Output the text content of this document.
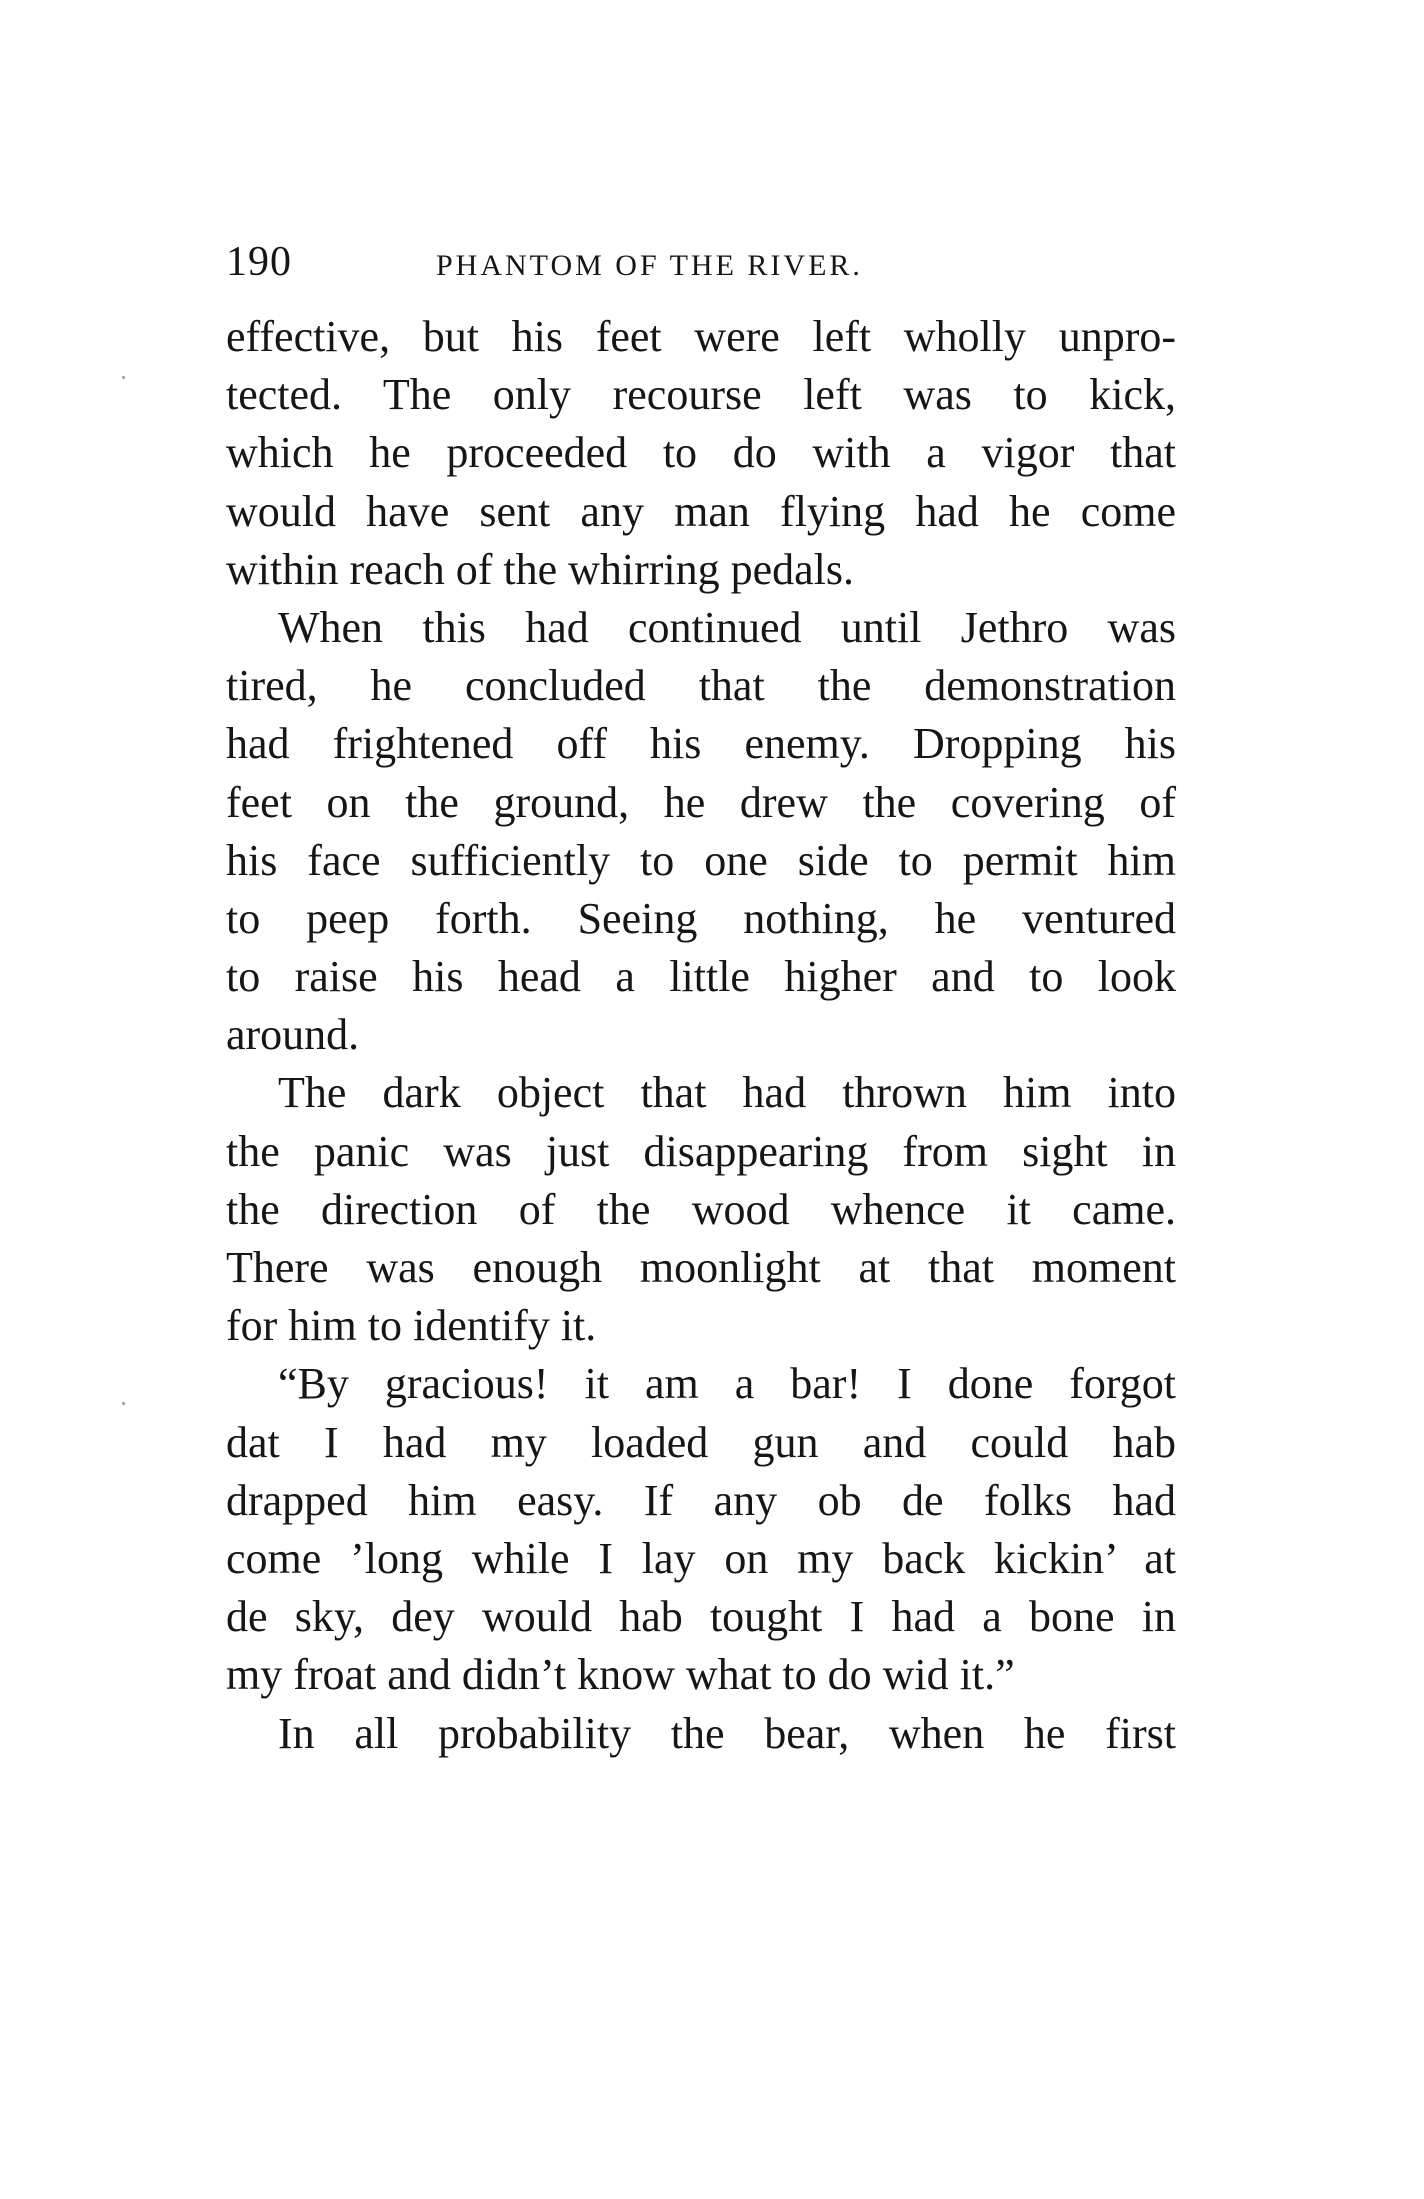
190	PHANTOM OF THE RIVER.
effective, but his feet were left wholly unpro-
tected. The only recourse left was to kick,
which he proceeded to do with a vigor that
would have sent any man flying had he come
within reach of the whirring pedals.
When this had continued until Jethro was
tired, he concluded that the demonstration
had frightened off his enemy. Dropping his
feet on the ground, he drew the covering of
his face sufficiently to one side to permit him
to peep forth. Seeing nothing, he ventured
to raise his head a little higher and to look
around.
The dark object that had thrown him into
the panic was just disappearing from sight in
the direction of the wood whence it came.
There was enough moonlight at that moment
for him to identify it.
“By gracious! it am a bar! I done forgot
dat I had my loaded gun and could hab
drapped him easy. If any ob de folks had
come ’long while I lay on my back kickin’ at
de sky, dey would hab tought I had a bone in
my froat and didn’t know what to do wid it.”
In all probability the bear, when he first
